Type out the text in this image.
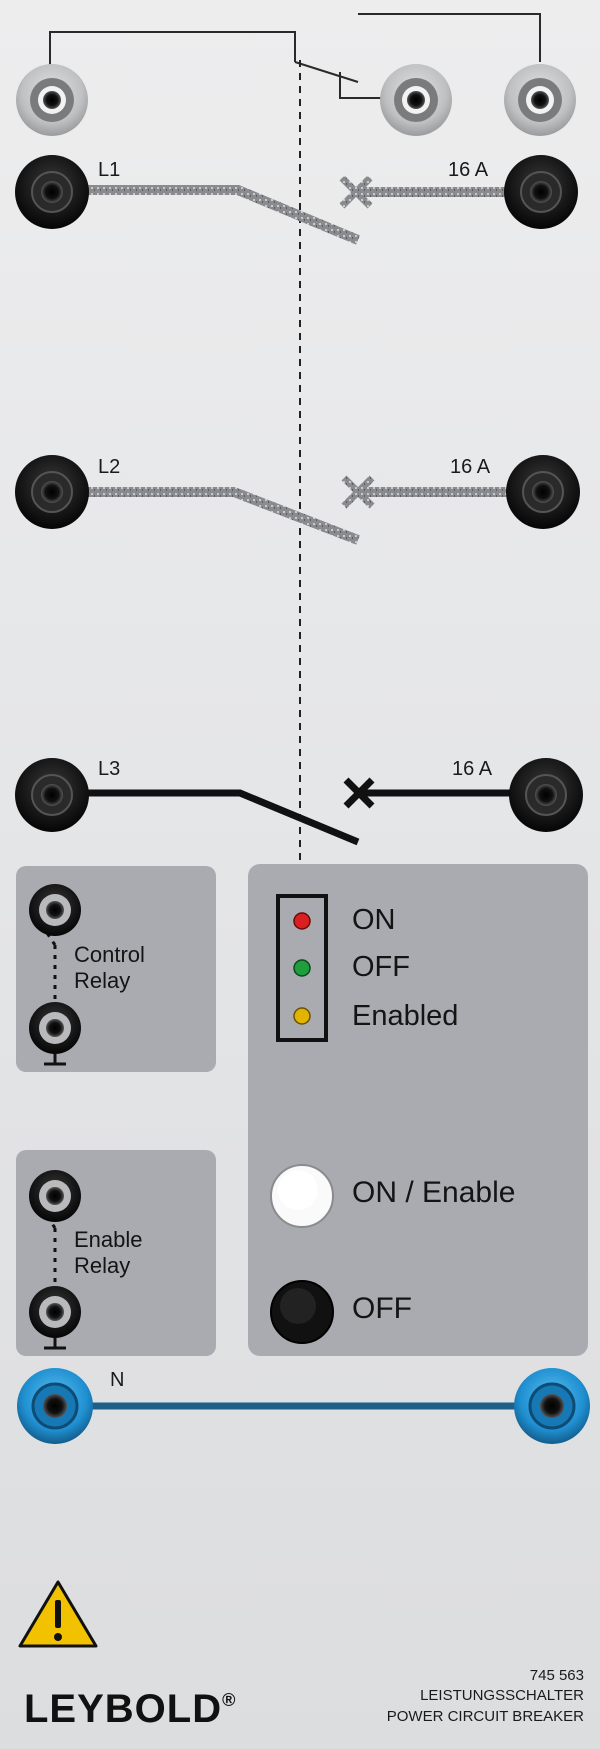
L1	16 A
L2	16 A
L3	16 A
Control
Relay
Enable
Relay
ON
OFF
Enabled
ON / Enable
OFF
N
LEYBOLD®
745 563
LEISTUNGSSCHALTER
POWER CIRCUIT BREAKER
